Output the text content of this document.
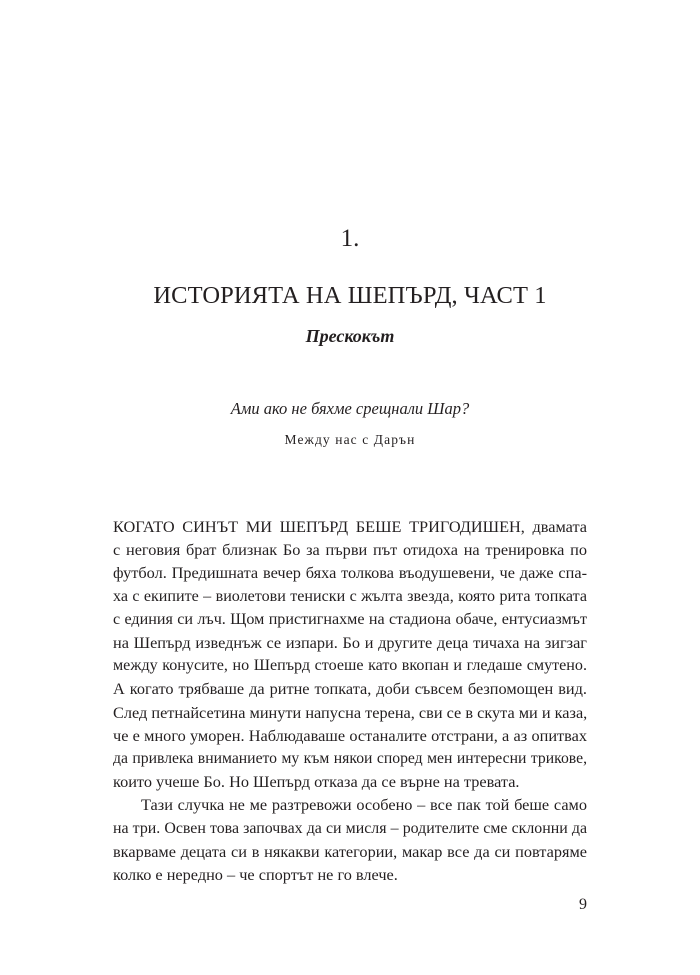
1.
ИСТОРИЯТА НА ШЕПЪРД, ЧАСТ 1
Прескокът
Ами ако не бяхме срещнали Шар?
Между нас с Дарън
КОГАТО СИНЪТ МИ ШЕПЪРД БЕШЕ ТРИГОДИШЕН, двамата
с неговия брат близнак Бо за първи път отидоха на тренировка по
футбол. Предишната вечер бяха толкова въодушевени, че даже спа-
ха с екипите – виолетови тениски с жълта звезда, която рита топката
с единия си лъч. Щом пристигнахме на стадиона обаче, ентусиазмът
на Шепърд изведнъж се изпари. Бо и другите деца тичаха на зигзаг
между конусите, но Шепърд стоеше като вкопан и гледаше смутено.
А когато трябваше да ритне топката, доби съвсем безпомощен вид.
След петнайсетина минути напусна терена, сви се в скута ми и каза,
че е много уморен. Наблюдаваше останалите отстрани, а аз опитвах
да привлека вниманието му към някои според мен интересни трикове,
които учеше Бо. Но Шепърд отказа да се върне на тревата.
Тази случка не ме разтревожи особено – все пак той беше само
на три. Освен това започвах да си мисля – родителите сме склонни да
вкарваме децата си в някакви категории, макар все да си повтаряме
колко е нередно – че спортът не го влече.
9
